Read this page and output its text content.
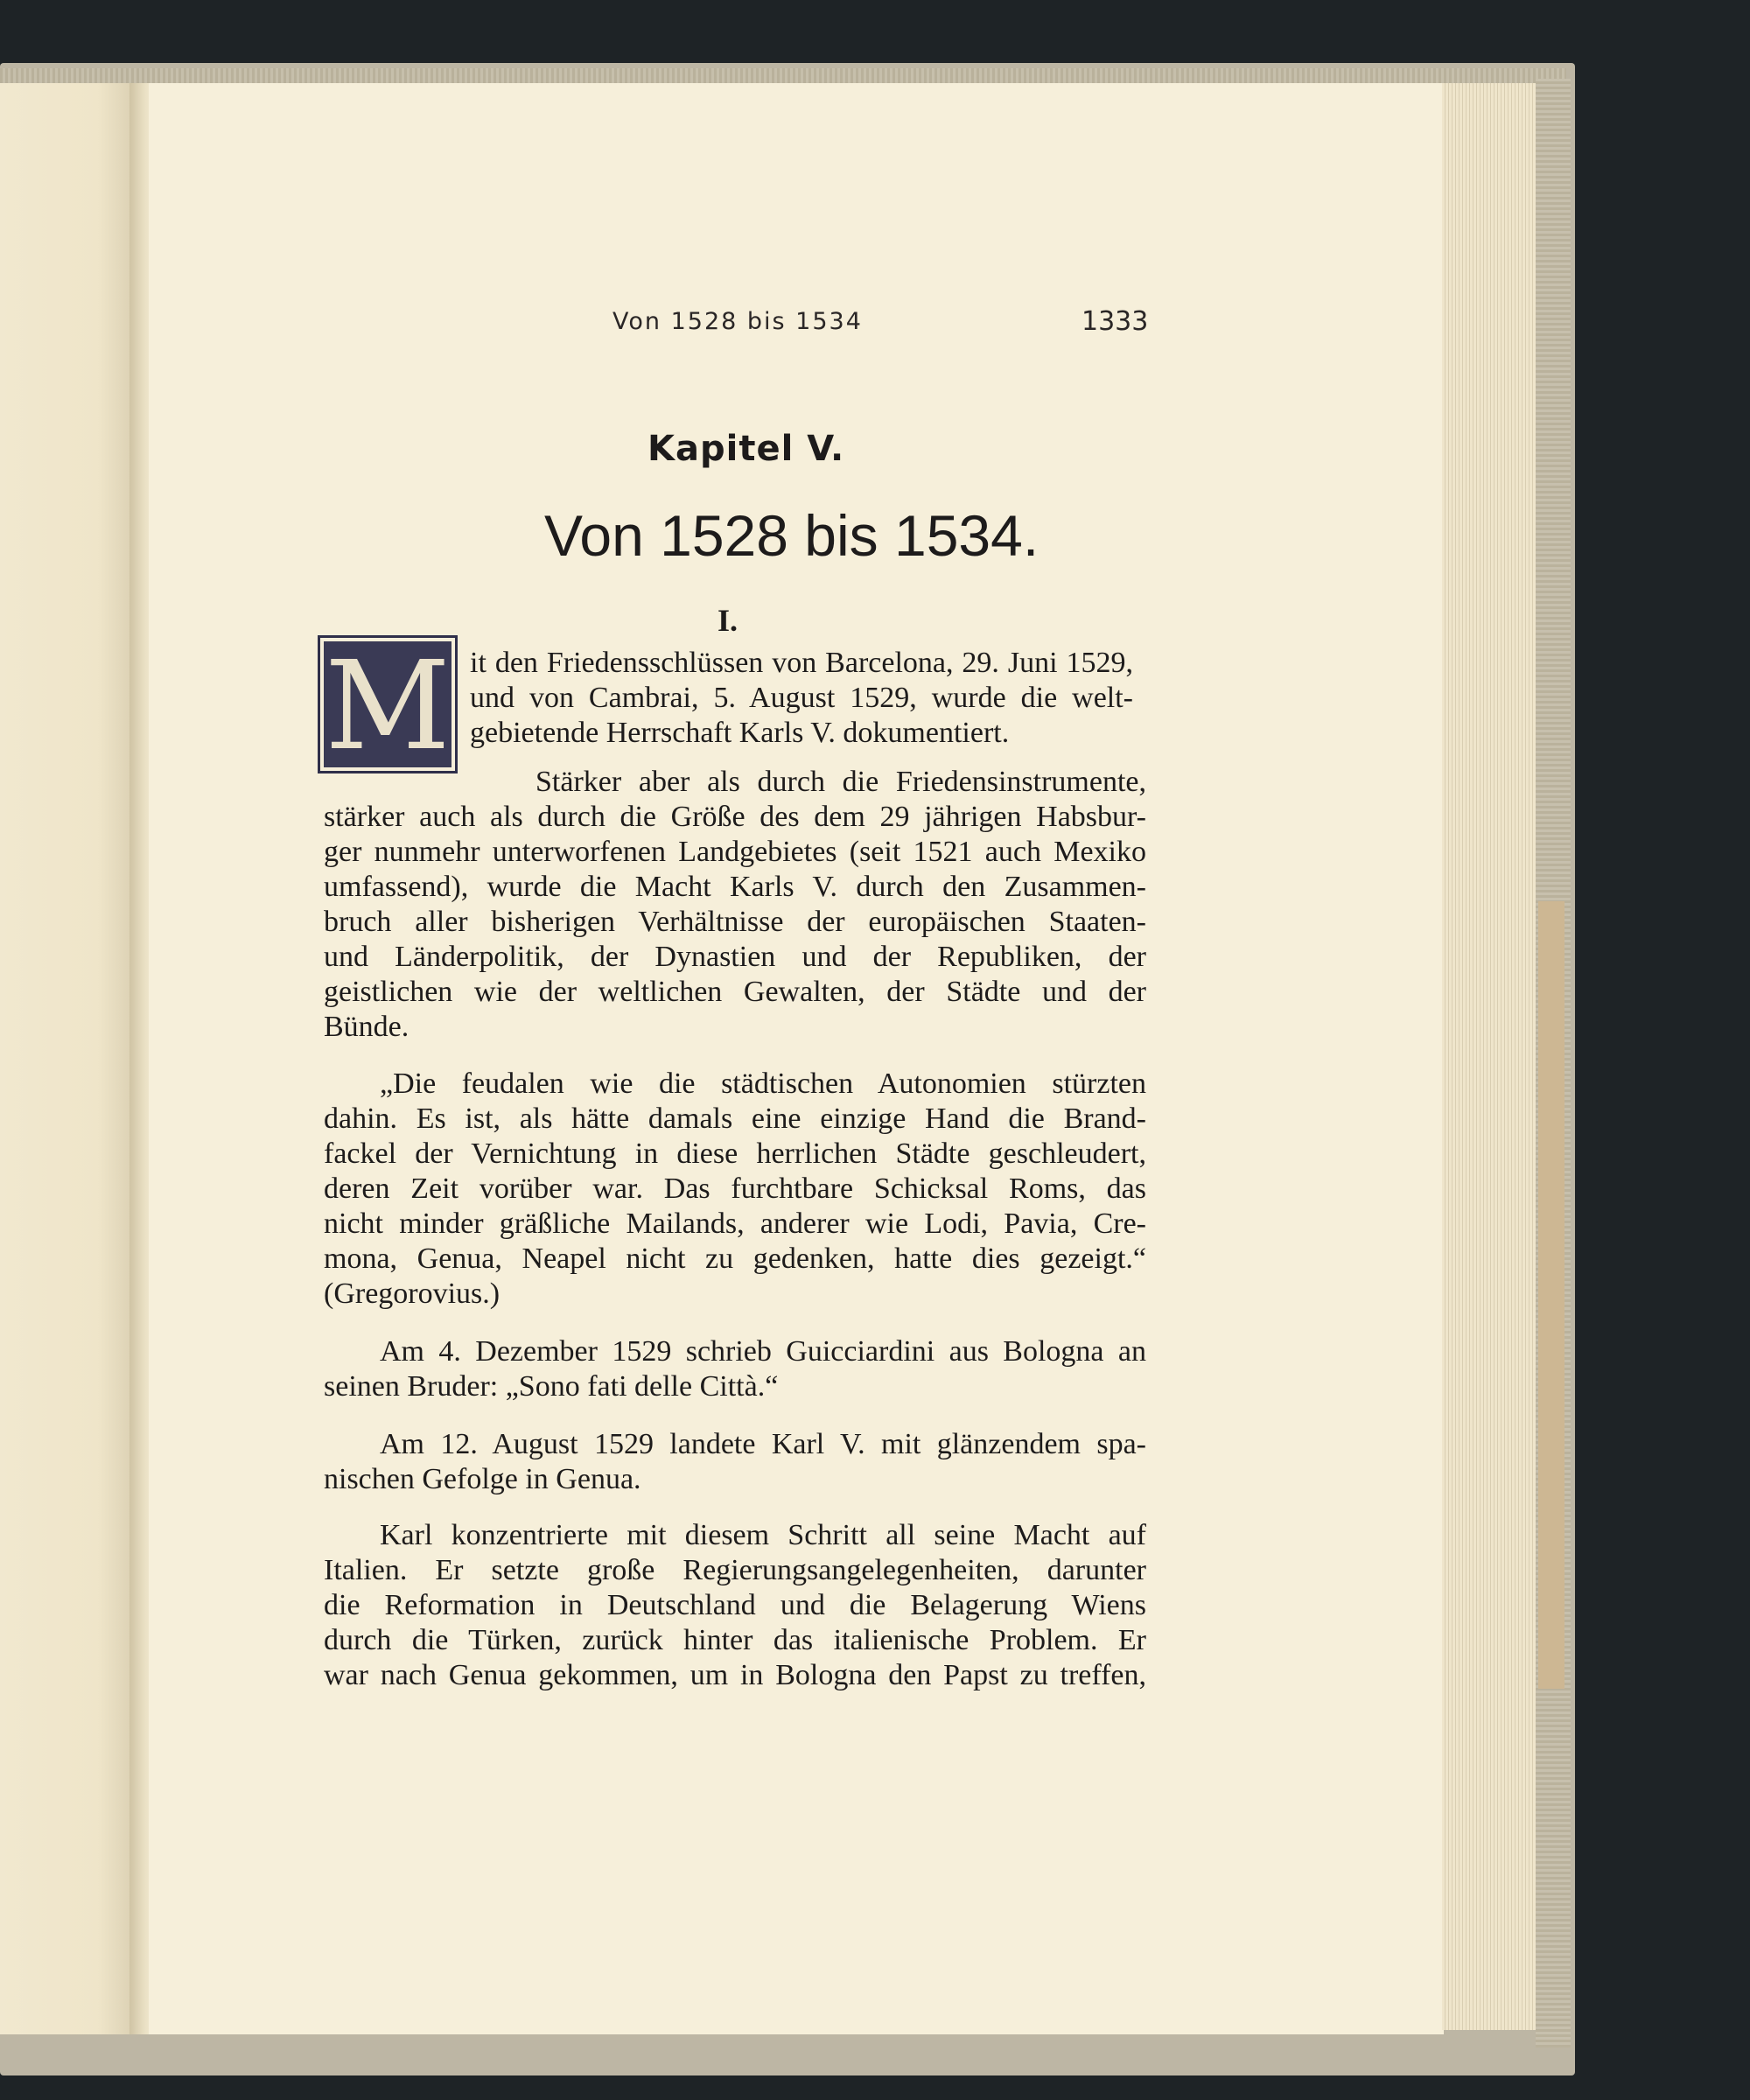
Von 1528 bis 1534	1333
Kapitel V.
Von 1528 bis 1534.
I.
M it den Friedensschlüssen von Barcelona, 29. Juni 1529,

und von Cambrai, 5. August 1529, wurde die welt-

gebietende Herrschaft Karls V. dokumentiert.

Stärker aber als durch die Friedensinstrumente,

stärker auch als durch die Größe des dem 29 jährigen Habsbur-

ger nunmehr unterworfenen Landgebietes (seit 1521 auch Mexiko

umfassend), wurde die Macht Karls V. durch den Zusammen-

bruch aller bisherigen Verhältnisse der europäischen Staaten-

und Länderpolitik, der Dynastien und der Republiken, der

geistlichen wie der weltlichen Gewalten, der Städte und der

Bünde.

„Die feudalen wie die städtischen Autonomien stürzten

dahin. Es ist, als hätte damals eine einzige Hand die Brand-

fackel der Vernichtung in diese herrlichen Städte geschleudert,

deren Zeit vorüber war. Das furchtbare Schicksal Roms, das

nicht minder gräßliche Mailands, anderer wie Lodi, Pavia, Cre-

mona, Genua, Neapel nicht zu gedenken, hatte dies gezeigt.“

(Gregorovius.)

Am 4. Dezember 1529 schrieb Guicciardini aus Bologna an

seinen Bruder: „Sono fati delle Città.“

Am 12. August 1529 landete Karl V. mit glänzendem spa-

nischen Gefolge in Genua.

Karl konzentrierte mit diesem Schritt all seine Macht auf

Italien. Er setzte große Regierungsangelegenheiten, darunter

die Reformation in Deutschland und die Belagerung Wiens

durch die Türken, zurück hinter das italienische Problem. Er

war nach Genua gekommen, um in Bologna den Papst zu treffen,
